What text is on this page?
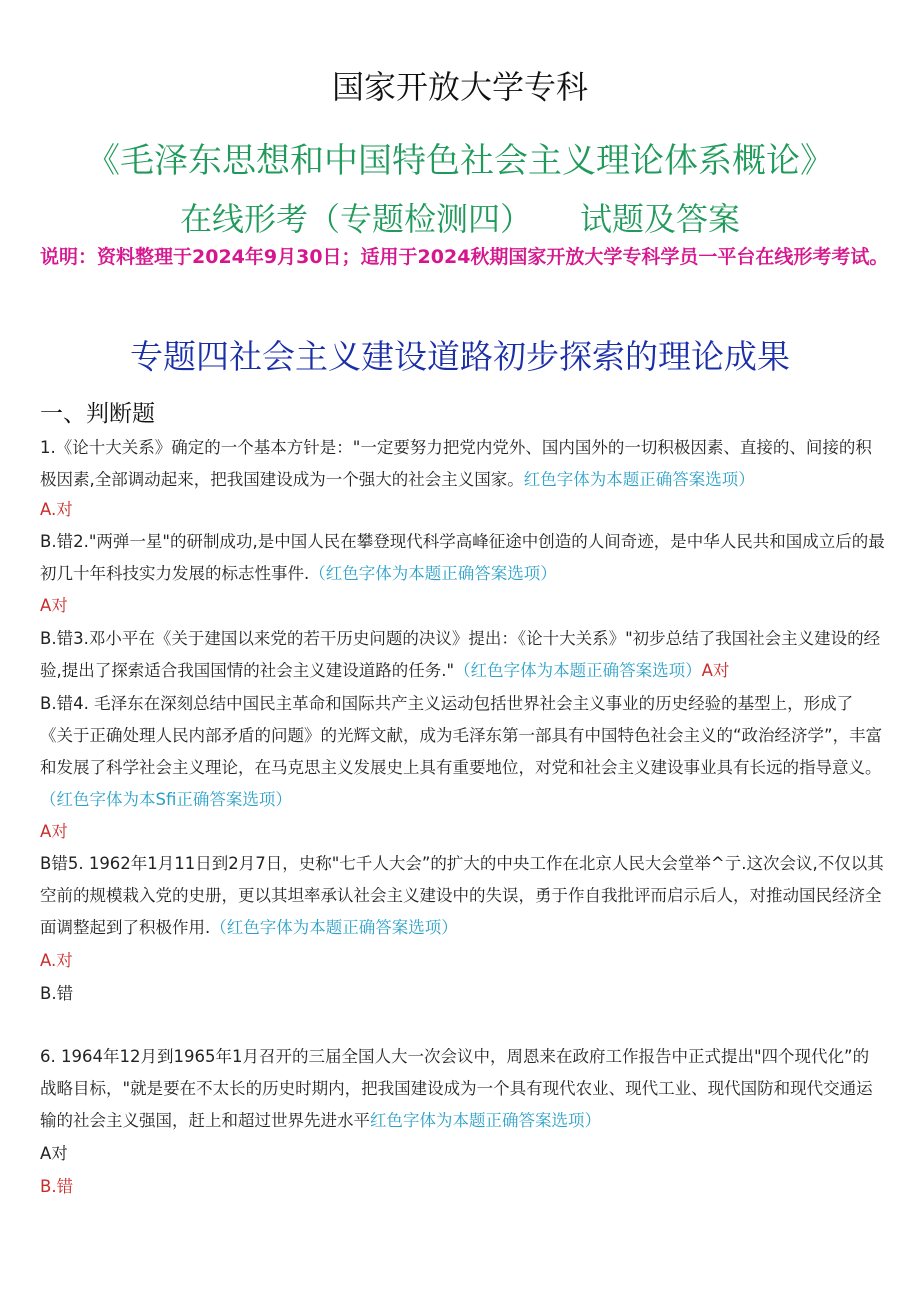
国家开放大学专科
《毛泽东思想和中国特色社会主义理论体系概论》
在线形考（专题检测四） 试题及答案
说明：资料整理于2024年9月30日；适用于2024秋期国家开放大学专科学员一平台在线形考考试。
专题四社会主义建设道路初步探索的理论成果
一、判断题
1.《论十大关系》确定的一个基本方针是："一定要努力把党内党外、国内国外的一切积极因素、直接的、间接的积极因素,全部调动起来，把我国建设成为一个强大的社会主义国家。红色字体为本题正确答案选项）
A.对
B.错2."两弹一星"的研制成功,是中国人民在攀登现代科学高峰征途中创造的人间奇迹，是中华人民共和国成立后的最初几十年科技实力发展的标志性事件.（红色字体为本题正确答案选项）
A对
B.错3.邓小平在《关于建国以来党的若干历史问题的决议》提出：《论十大关系》"初步总结了我国社会主义建设的经验,提出了探索适合我国国情的社会主义建设道路的任务."（红色字体为本题正确答案选项）A对
B.错4. 毛泽东在深刻总结中国民主革命和国际共产主义运动包括世界社会主义事业的历史经验的基型上，形成了《关于正确处理人民内部矛盾的问题》的光辉文献，成为毛泽东第一部具有中国特色社会主义的“政治经济学”，丰富和发展了科学社会主义理论，在马克思主义发展史上具有重要地位，对党和社会主义建设事业具有长远的指导意义。（红色字体为本Sfi正确答案选项）
A对
B错5. 1962年1月11日到2月7日，史称"七千人大会”的扩大的中央工作在北京人民大会堂举^亍.这次会议,不仅以其空前的规模栽入党的史册，更以其坦率承认社会主义建设中的失误，勇于作自我批评而启示后人，对推动国民经济全面调整起到了积极作用.（红色字体为本题正确答案选项）
A.对
B.错
6. 1964年12月到1965年1月召开的三届全国人大一次会议中，周恩来在政府工作报告中正式提出"四个现代化”的战略目标，"就是要在不太长的历史时期内，把我国建设成为一个具有现代农业、现代工业、现代国防和现代交通运输的社会主义强国，赶上和超过世界先进水平红色字体为本题正确答案选项）
A对
B.错
